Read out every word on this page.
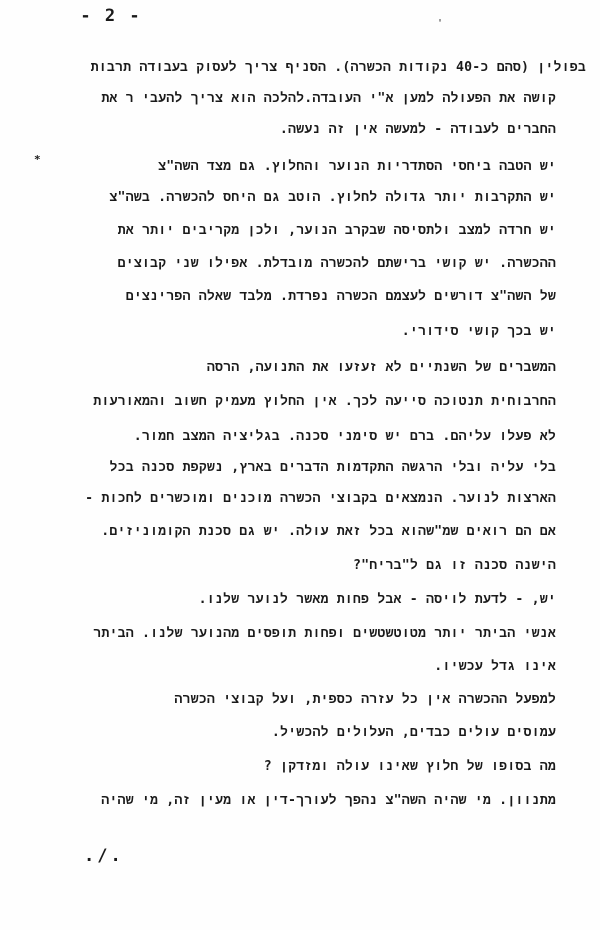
- 2 -	'
*
בפולין (סהם כ-40 נקודות הכשרה). הסניף צריך לעסוק בעבודה תרבות
קושה את הפעולה למען א"י העובדה.להלכה הוא צריך להעבי ר את
החברים לעבודה - למעשה אין זה נעשה.
יש הטבה ביחסי הסתדריות הנוער והחלוץ. גם מצד השה"צ
יש התקרבות יותר גדולה לחלוץ. הוטב גם היחס להכשרה. בשה"צ
יש חרדה למצב ולתסיסה שבקרב הנוער, ולכן מקריבים יותר את
ההכשרה. יש קושי ברישתם להכשרה מובדלת. אפילו שני קבוצים
של השה"צ דורשים לעצמם הכשרה נפרדת. מלבד שאלה הפרינצים
יש בכך קושי סידורי.
המשברים של השנתיים לא זעזעו את התנועה, הרסה
החרבוחית תנטוכה סייעה לכך. אין החלוץ מעמיק חשוב והמאורעות
לא פעלו עליהם. ברם יש סימני סכנה. בגליציה המצב חמור.
בלי עליה ובלי הרגשה התקדמות הדברים בארץ, נשקפת סכנה בכל
הארצות לנוער. הנמצאים בקבוצי הכשרה מוכנים ומוכשרים לחכות -
אם הם רואים שמ"שהוא בכל זאת עולה. יש גם סכנת הקומוניזים.
הישנה סכנה זו גם ל"בריח"?
יש, - לדעת לויסה - אבל פחות מאשר לנוער שלנו.
אנשי הביתר יותר מטוטשטשים ופחות תופסים מהנוער שלנו. הביתר
אינו גדל עכשיו.
למפעל ההכשרה אין כל עזרה כספית, ועל קבוצי הכשרה
עמוסים עולים כבדים, העלולים להכשיל.
מה בסופו של חלוץ שאינו עולה ומזדקן ?
מתנוון. מי שהיה השה"צ נהפך לעורך-דין או מעין זה, מי שהיה
./.
